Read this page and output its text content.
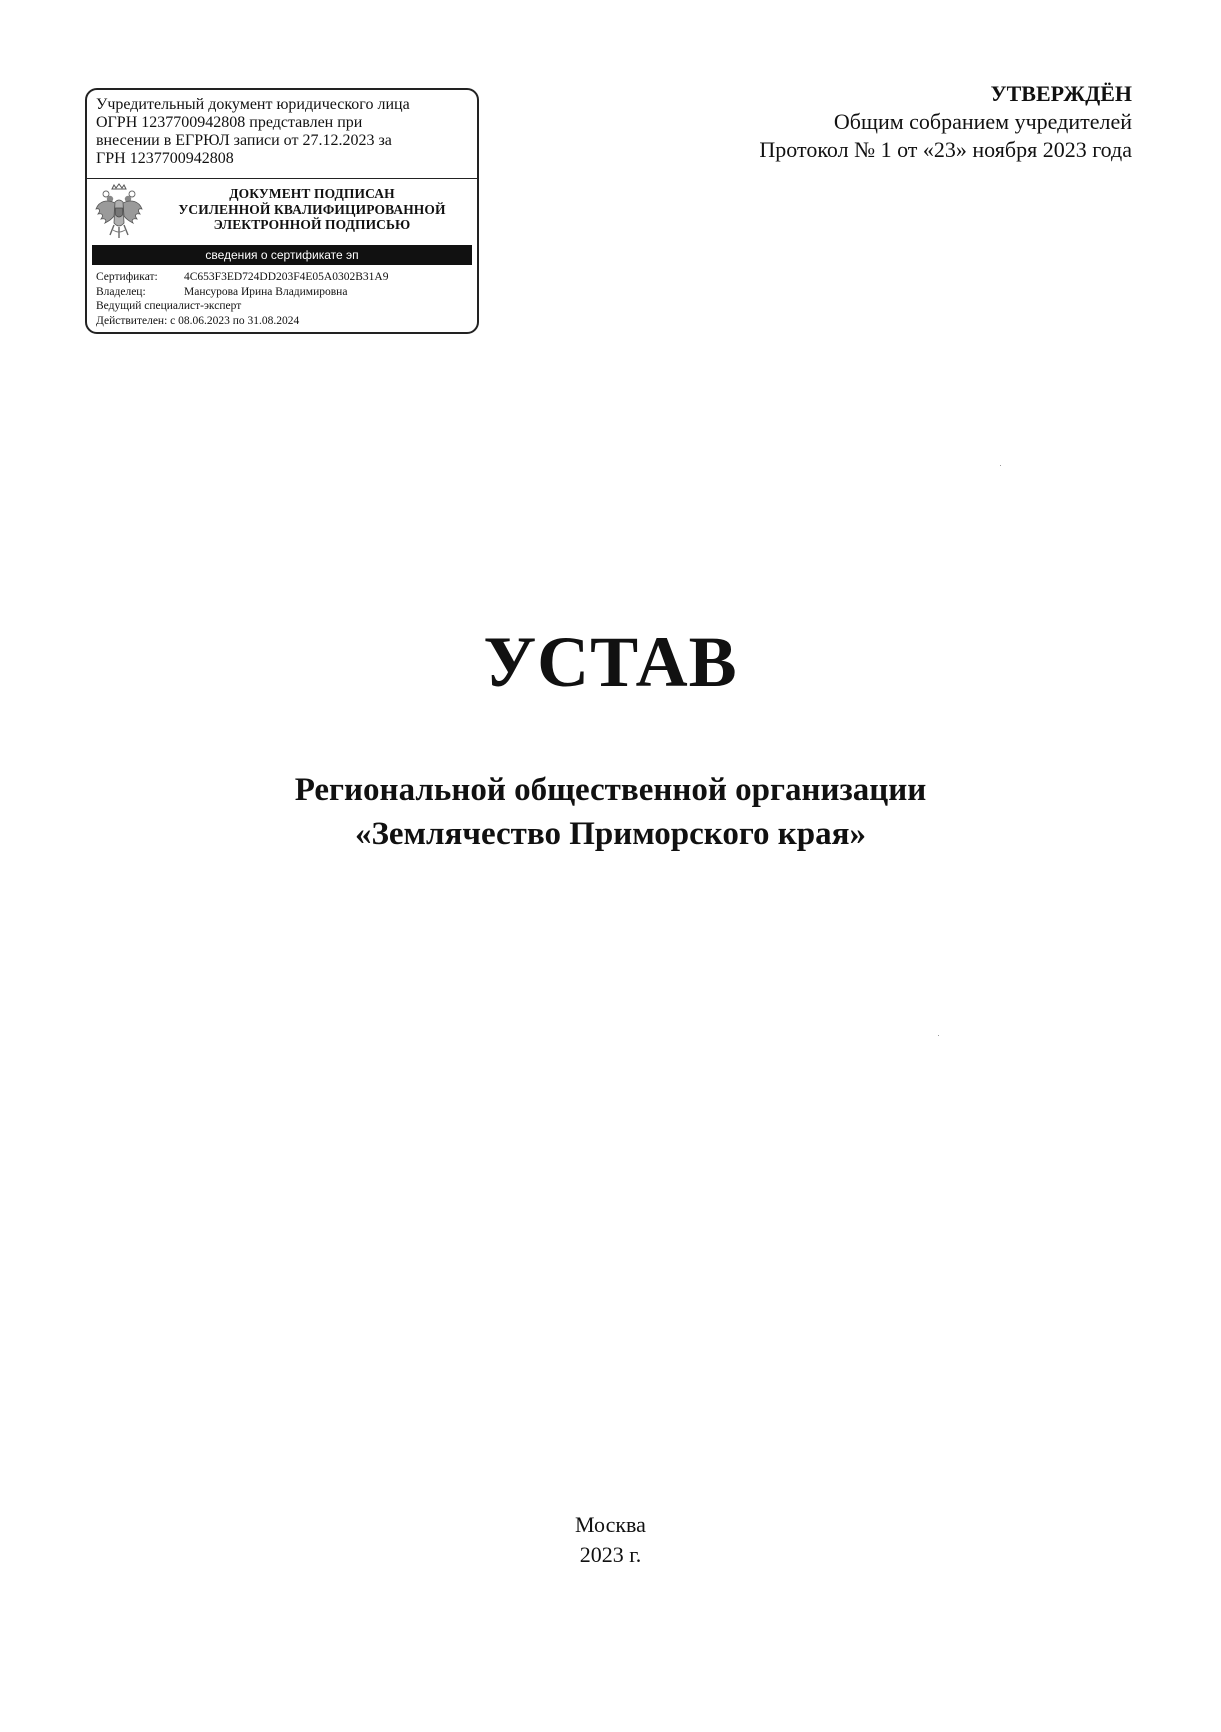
Учредительный документ юридического лица
ОГРН 1237700942808 представлен при
внесении в ЕГРЮЛ записи от 27.12.2023 за
ГРН 1237700942808
ДОКУМЕНТ ПОДПИСАН
УСИЛЕННОЙ КВАЛИФИЦИРОВАННОЙ
ЭЛЕКТРОННОЙ ПОДПИСЬЮ
сведения о сертификате эп
Сертификат: 4C653F3ED724DD203F4E05A0302B31A9
Владелец:	Мансурова Ирина Владимировна
Ведущий специалист-эксперт
Действителен: с 08.06.2023 по 31.08.2024
УТВЕРЖДЁН
Общим собранием учредителей
Протокол № 1 от «23» ноября 2023 года
УСТАВ
Региональной общественной организации
«Землячество Приморского края»
Москва
2023 г.
